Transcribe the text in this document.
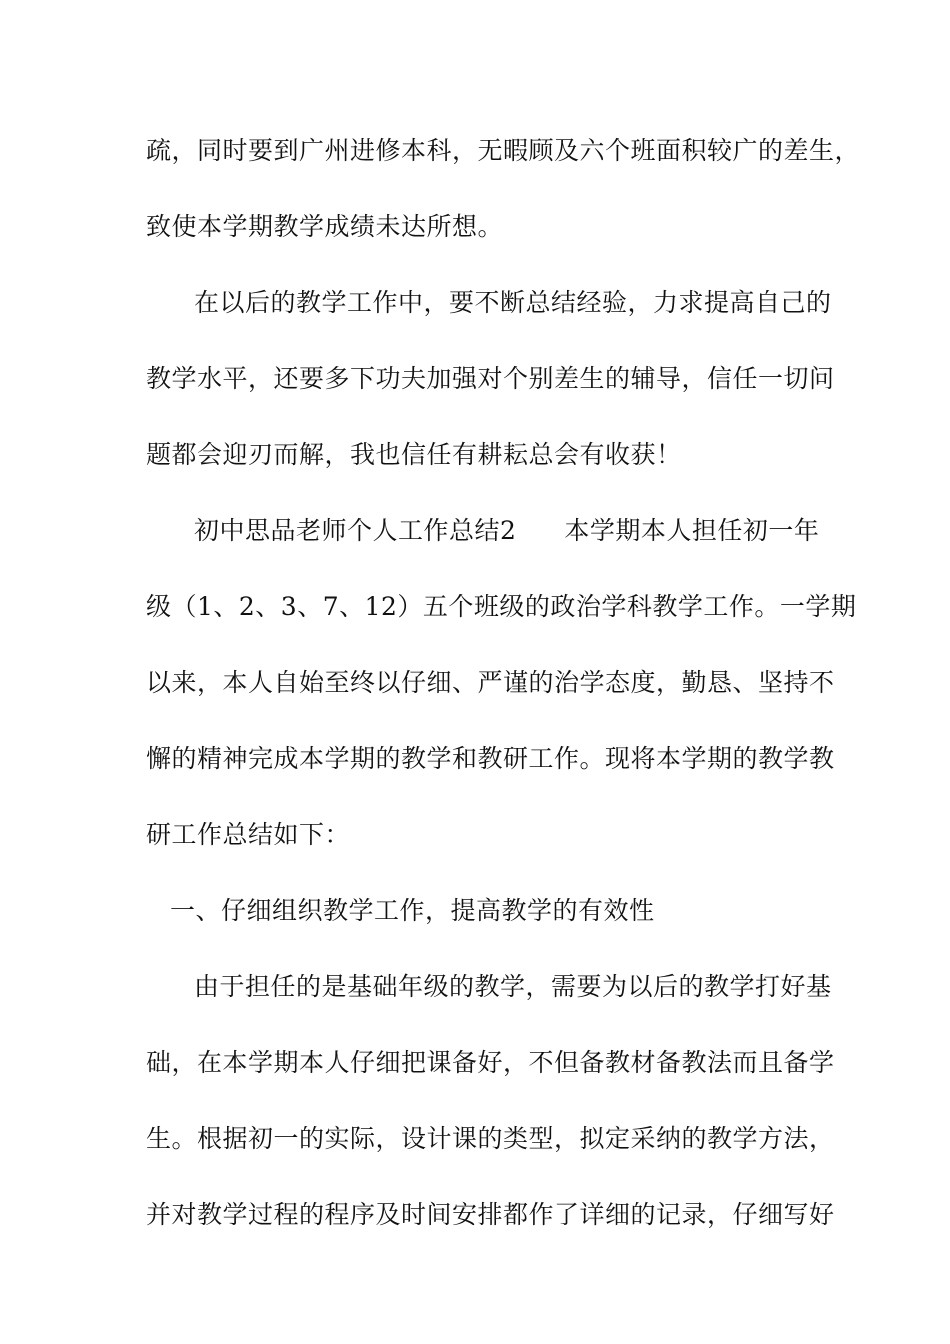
疏，同时要到广州进修本科，无暇顾及六个班面积较广的差生，
致使本学期教学成绩未达所想。
在以后的教学工作中，要不断总结经验，力求提高自己的
教学水平，还要多下功夫加强对个别差生的辅导，信任一切问
题都会迎刃而解，我也信任有耕耘总会有收获！
初中思品老师个人工作总结2 本学期本人担任初一年
级（1、2、3、7、12）五个班级的政治学科教学工作。一学期
以来，本人自始至终以仔细、严谨的治学态度，勤恳、坚持不
懈的精神完成本学期的教学和教研工作。现将本学期的教学教
研工作总结如下：
一、仔细组织教学工作，提高教学的有效性
由于担任的是基础年级的教学，需要为以后的教学打好基
础，在本学期本人仔细把课备好，不但备教材备教法而且备学
生。根据初一的实际，设计课的类型，拟定采纳的教学方法，
并对教学过程的程序及时间安排都作了详细的记录，仔细写好
